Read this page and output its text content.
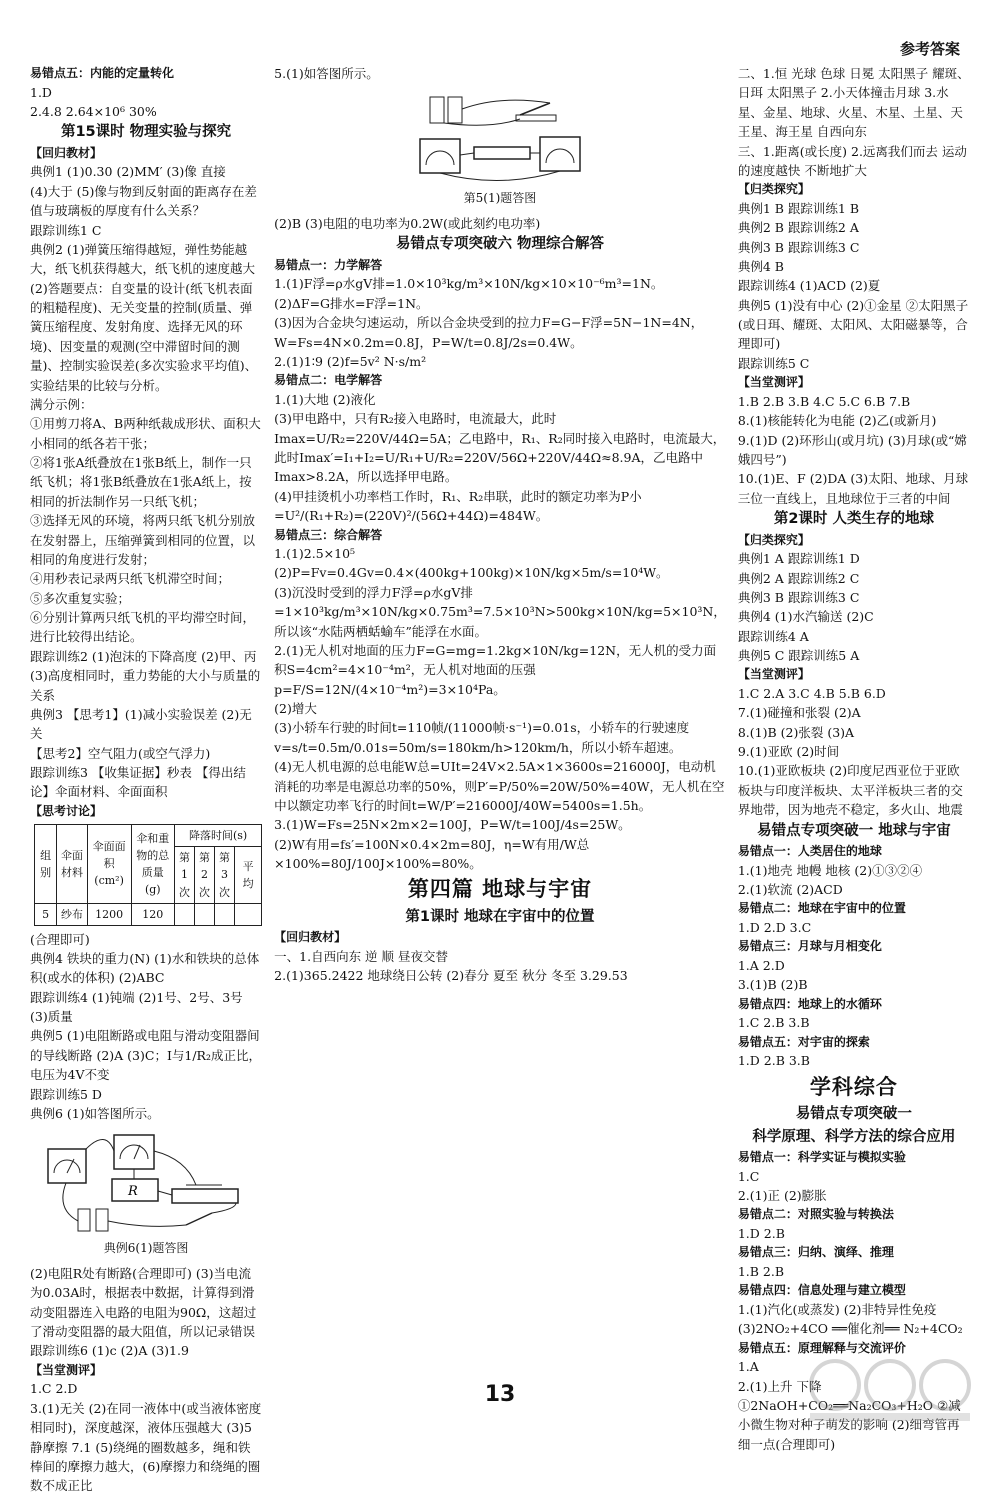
参考答案

易错点五：内能的定量转化

1.D

2.4.8 2.64×10⁶ 30%

第15课时 物理实验与探究

【回归教材】

典例1 (1)0.30 (2)MM′ (3)像 直接

(4)大于 (5)像与物到反射面的距离存在差值与玻璃板的厚度有什么关系？

跟踪训练1 C

典例2 (1)弹簧压缩得越短，弹性势能越大，纸飞机获得越大，纸飞机的速度越大

(2)答题要点：自变量的设计(纸飞机表面的粗糙程度)、无关变量的控制(质量、弹簧压缩程度、发射角度、选择无风的环境)、因变量的观测(空中滞留时间的测量)、控制实验误差(多次实验求平均值)、实验结果的比较与分析。

满分示例：

①用剪刀将A、B两种纸裁成形状、面积大小相同的纸各若干张；

②将1张A纸叠放在1张B纸上，制作一只纸飞机；将1张B纸叠放在1张A纸上，按相同的折法制作另一只纸飞机；

③选择无风的环境，将两只纸飞机分别放在发射器上，压缩弹簧到相同的位置，以相同的角度进行发射；

④用秒表记录两只纸飞机滞空时间；

⑤多次重复实验；

⑥分别计算两只纸飞机的平均滞空时间，进行比较得出结论。

跟踪训练2 (1)泡沫的下降高度 (2)甲、丙

(3)高度相同时，重力势能的大小与质量的关系

典例3 【思考1】(1)减小实验误差 (2)无关

【思考2】空气阻力(或空气浮力)

跟踪训练3 【收集证据】秒表 【得出结论】伞面材料、伞面面积

【思考讨论】

组别	伞面材料	伞面面积(cm²)	伞和重物的总质量(g)	降落时间(s)			
				第1次	第2次	第3次	平均
5	纱布	1200	120				

(合理即可)

典例4 铁块的重力(N) (1)水和铁块的总体积(或水的体积) (2)ABC

跟踪训练4 (1)钝端 (2)1号、2号、3号

(3)质量

典例5 (1)电阻断路或电阻与滑动变阻器间的导线断路 (2)A (3)C；I与1/R₂成正比，电压为4V不变

跟踪训练5 D

典例6 (1)如答图所示。

R
典例6(1)题答图

(2)电阻R处有断路(合理即可) (3)当电流为0.03A时，根据表中数据，计算得到滑动变阻器连入电路的电阻为90Ω，这超过了滑动变阻器的最大阻值，所以记录错误

跟踪训练6 (1)c (2)A (3)1.9

【当堂测评】

1.C 2.D

3.(1)无关 (2)在同一液体中(或当液体密度相同时)，深度越深，液体压强越大 (3)5 静摩擦 7.1 (5)绕绳的圈数越多，绳和铁棒间的摩擦力越大，(6)摩擦力和绕绳的圈数不成正比

5.(1)如答图所示。

第5(1)题答图

(2)B (3)电阻的电功率为0.2W(或此刻约电功率)

易错点专项突破六 物理综合解答

易错点一：力学解答

1.(1)F浮=ρ水gV排=1.0×10³kg/m³×10N/kg×10×10⁻⁶m³=1N。

(2)ΔF=G排水=F浮=1N。

(3)因为合金块匀速运动，所以合金块受到的拉力F=G−F浮=5N−1N=4N，W=Fs=4N×0.2m=0.8J，P=W/t=0.8J/2s=0.4W。

2.(1)1∶9 (2)f=5v² N·s/m²

易错点二：电学解答

1.(1)大地 (2)液化

(3)甲电路中，只有R₂接入电路时，电流最大，此时Imax=U/R₂=220V/44Ω=5A；乙电路中，R₁、R₂同时接入电路时，电流最大，此时Imax′=I₁+I₂=U/R₁+U/R₂=220V/56Ω+220V/44Ω≈8.9A，乙电路中Imax>8.2A，所以选择甲电路。

(4)甲挂烫机小功率档工作时，R₁、R₂串联，此时的额定功率为P小=U²/(R₁+R₂)=(220V)²/(56Ω+44Ω)=484W。

易错点三：综合解答

1.(1)2.5×10⁵

(2)P=Fv=0.4Gv=0.4×(400kg+100kg)×10N/kg×5m/s=10⁴W。

(3)沉没时受到的浮力F浮=ρ水gV排=1×10³kg/m³×10N/kg×0.75m³=7.5×10³N>500kg×10N/kg=5×10³N，所以该“水陆两栖蛞蝓车”能浮在水面。

2.(1)无人机对地面的压力F=G=mg=1.2kg×10N/kg=12N，无人机的受力面积S=4cm²=4×10⁻⁴m²，无人机对地面的压强p=F/S=12N/(4×10⁻⁴m²)=3×10⁴Pa。

(2)增大

(3)小轿车行驶的时间t=110帧/(11000帧·s⁻¹)=0.01s，小轿车的行驶速度v=s/t=0.5m/0.01s=50m/s=180km/h>120km/h，所以小轿车超速。

(4)无人机电源的总电能W总=UIt=24V×2.5A×1×3600s=216000J，电动机消耗的功率是电源总功率的50%，则P′=P/50%=20W/50%=40W，无人机在空中以额定功率飞行的时间t=W/P′=216000J/40W=5400s=1.5h。

3.(1)W=Fs=25N×2m×2=100J，P=W/t=100J/4s=25W。

(2)W有用=fs′=100N×0.4×2m=80J，η=W有用/W总×100%=80J/100J×100%=80%。

第四篇 地球与宇宙

第1课时 地球在宇宙中的位置

【回归教材】

一、1.自西向东 逆 顺 昼夜交替

2.(1)365.2422 地球绕日公转 (2)春分 夏至 秋分 冬至 3.29.53

二、1.恒 光球 色球 日冕 太阳黑子 耀斑、日珥 太阳黑子 2.小天体撞击月球 3.水星、金星、地球、火星、木星、土星、天王星、海王星 自西向东

三、1.距离(或长度) 2.远离我们而去 运动的速度越快 不断地扩大

【归类探究】

典例1 B 跟踪训练1 B

典例2 B 跟踪训练2 A

典例3 B 跟踪训练3 C

典例4 B

跟踪训练4 (1)ACD (2)夏

典例5 (1)没有中心 (2)①金星 ②太阳黑子(或日珥、耀斑、太阳风、太阳磁暴等，合理即可)

跟踪训练5 C

【当堂测评】

1.B 2.B 3.B 4.C 5.C 6.B 7.B

8.(1)核能转化为电能 (2)乙(或新月)

9.(1)D (2)环形山(或月坑) (3)月球(或“嫦娥四号”)

10.(1)E、F (2)DA (3)太阳、地球、月球三位一直线上，且地球位于三者的中间

第2课时 人类生存的地球

【归类探究】

典例1 A 跟踪训练1 D

典例2 A 跟踪训练2 C

典例3 B 跟踪训练3 C

典例4 (1)水汽输送 (2)C

跟踪训练4 A

典例5 C 跟踪训练5 A

【当堂测评】

1.C 2.A 3.C 4.B 5.B 6.D

7.(1)碰撞和张裂 (2)A

8.(1)B (2)张裂 (3)A

9.(1)亚欧 (2)时间

10.(1)亚欧板块 (2)印度尼西亚位于亚欧板块与印度洋板块、太平洋板块三者的交界地带，因为地壳不稳定，多火山、地震

易错点专项突破一 地球与宇宙

易错点一：人类居住的地球

1.(1)地壳 地幔 地核 (2)①③②④

2.(1)软流 (2)ACD

易错点二：地球在宇宙中的位置

1.D 2.D 3.C

易错点三：月球与月相变化

1.A 2.D

3.(1)B (2)B

易错点四：地球上的水循环

1.C 2.B 3.B

易错点五：对宇宙的探索

1.D 2.B 3.B

学科综合

易错点专项突破一

科学原理、科学方法的综合应用

易错点一：科学实证与模拟实验

1.C

2.(1)正 (2)膨胀

易错点二：对照实验与转换法

1.D 2.B

易错点三：归纳、演绎、推理

1.B 2.B

易错点四：信息处理与建立模型

1.(1)汽化(或蒸发) (2)非特异性免疫

(3)2NO₂+4CO ══催化剂══ N₂+4CO₂

易错点五：原理解释与交流评价

1.A

2.(1)上升 下降 ①2NaOH+CO₂══Na₂CO₃+H₂O ②减小微生物对种子萌发的影响 (2)细弯管再细一点(合理即可)

13
